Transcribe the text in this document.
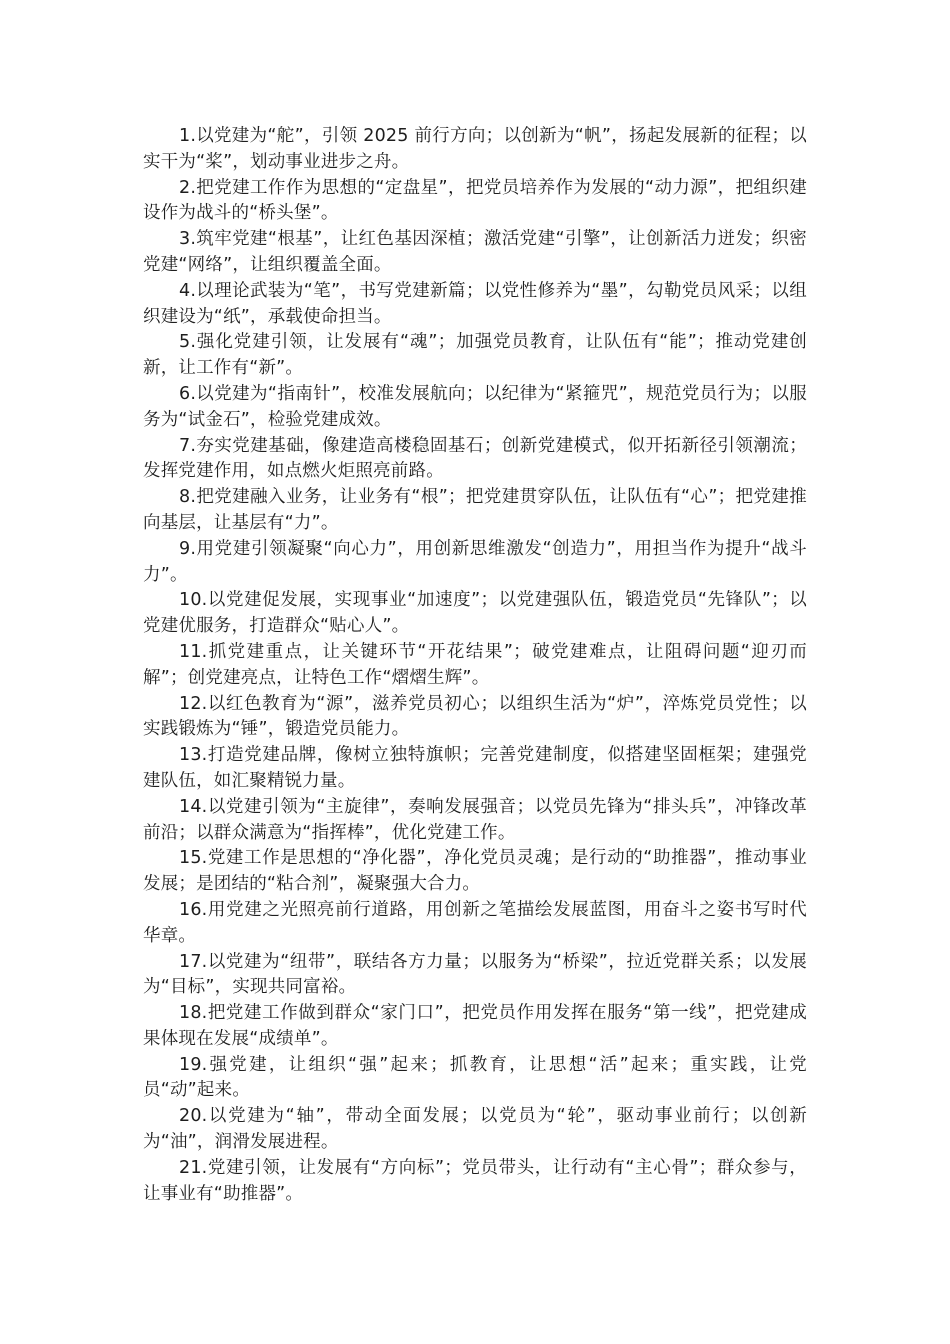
1.以党建为“舵”，引领 2025 前行方向；以创新为“帆”，扬起发展新的征程；以实干为“桨”，划动事业进步之舟。

2.把党建工作作为思想的“定盘星”，把党员培养作为发展的“动力源”，把组织建设作为战斗的“桥头堡”。

3.筑牢党建“根基”，让红色基因深植；激活党建“引擎”，让创新活力迸发；织密党建“网络”，让组织覆盖全面。

4.以理论武装为“笔”，书写党建新篇；以党性修养为“墨”，勾勒党员风采；以组织建设为“纸”，承载使命担当。

5.强化党建引领，让发展有“魂”；加强党员教育，让队伍有“能”；推动党建创新，让工作有“新”。

6.以党建为“指南针”，校准发展航向；以纪律为“紧箍咒”，规范党员行为；以服务为“试金石”，检验党建成效。

7.夯实党建基础，像建造高楼稳固基石；创新党建模式，似开拓新径引领潮流；发挥党建作用，如点燃火炬照亮前路。

8.把党建融入业务，让业务有“根”；把党建贯穿队伍，让队伍有“心”；把党建推向基层，让基层有“力”。

9.用党建引领凝聚“向心力”，用创新思维激发“创造力”，用担当作为提升“战斗力”。

10.以党建促发展，实现事业“加速度”；以党建强队伍，锻造党员“先锋队”；以党建优服务，打造群众“贴心人”。

11.抓党建重点，让关键环节“开花结果”；破党建难点，让阻碍问题“迎刃而解”；创党建亮点，让特色工作“熠熠生辉”。

12.以红色教育为“源”，滋养党员初心；以组织生活为“炉”，淬炼党员党性；以实践锻炼为“锤”，锻造党员能力。

13.打造党建品牌，像树立独特旗帜；完善党建制度，似搭建坚固框架；建强党建队伍，如汇聚精锐力量。

14.以党建引领为“主旋律”，奏响发展强音；以党员先锋为“排头兵”，冲锋改革前沿；以群众满意为“指挥棒”，优化党建工作。

15.党建工作是思想的“净化器”，净化党员灵魂；是行动的“助推器”，推动事业发展；是团结的“粘合剂”，凝聚强大合力。

16.用党建之光照亮前行道路，用创新之笔描绘发展蓝图，用奋斗之姿书写时代华章。

17.以党建为“纽带”，联结各方力量；以服务为“桥梁”，拉近党群关系；以发展为“目标”，实现共同富裕。

18.把党建工作做到群众“家门口”，把党员作用发挥在服务“第一线”，把党建成果体现在发展“成绩单”。

19.强党建，让组织“强”起来；抓教育，让思想“活”起来；重实践，让党员“动”起来。

20.以党建为“轴”，带动全面发展；以党员为“轮”，驱动事业前行；以创新为“油”，润滑发展进程。

21.党建引领，让发展有“方向标”；党员带头，让行动有“主心骨”；群众参与，让事业有“助推器”。
